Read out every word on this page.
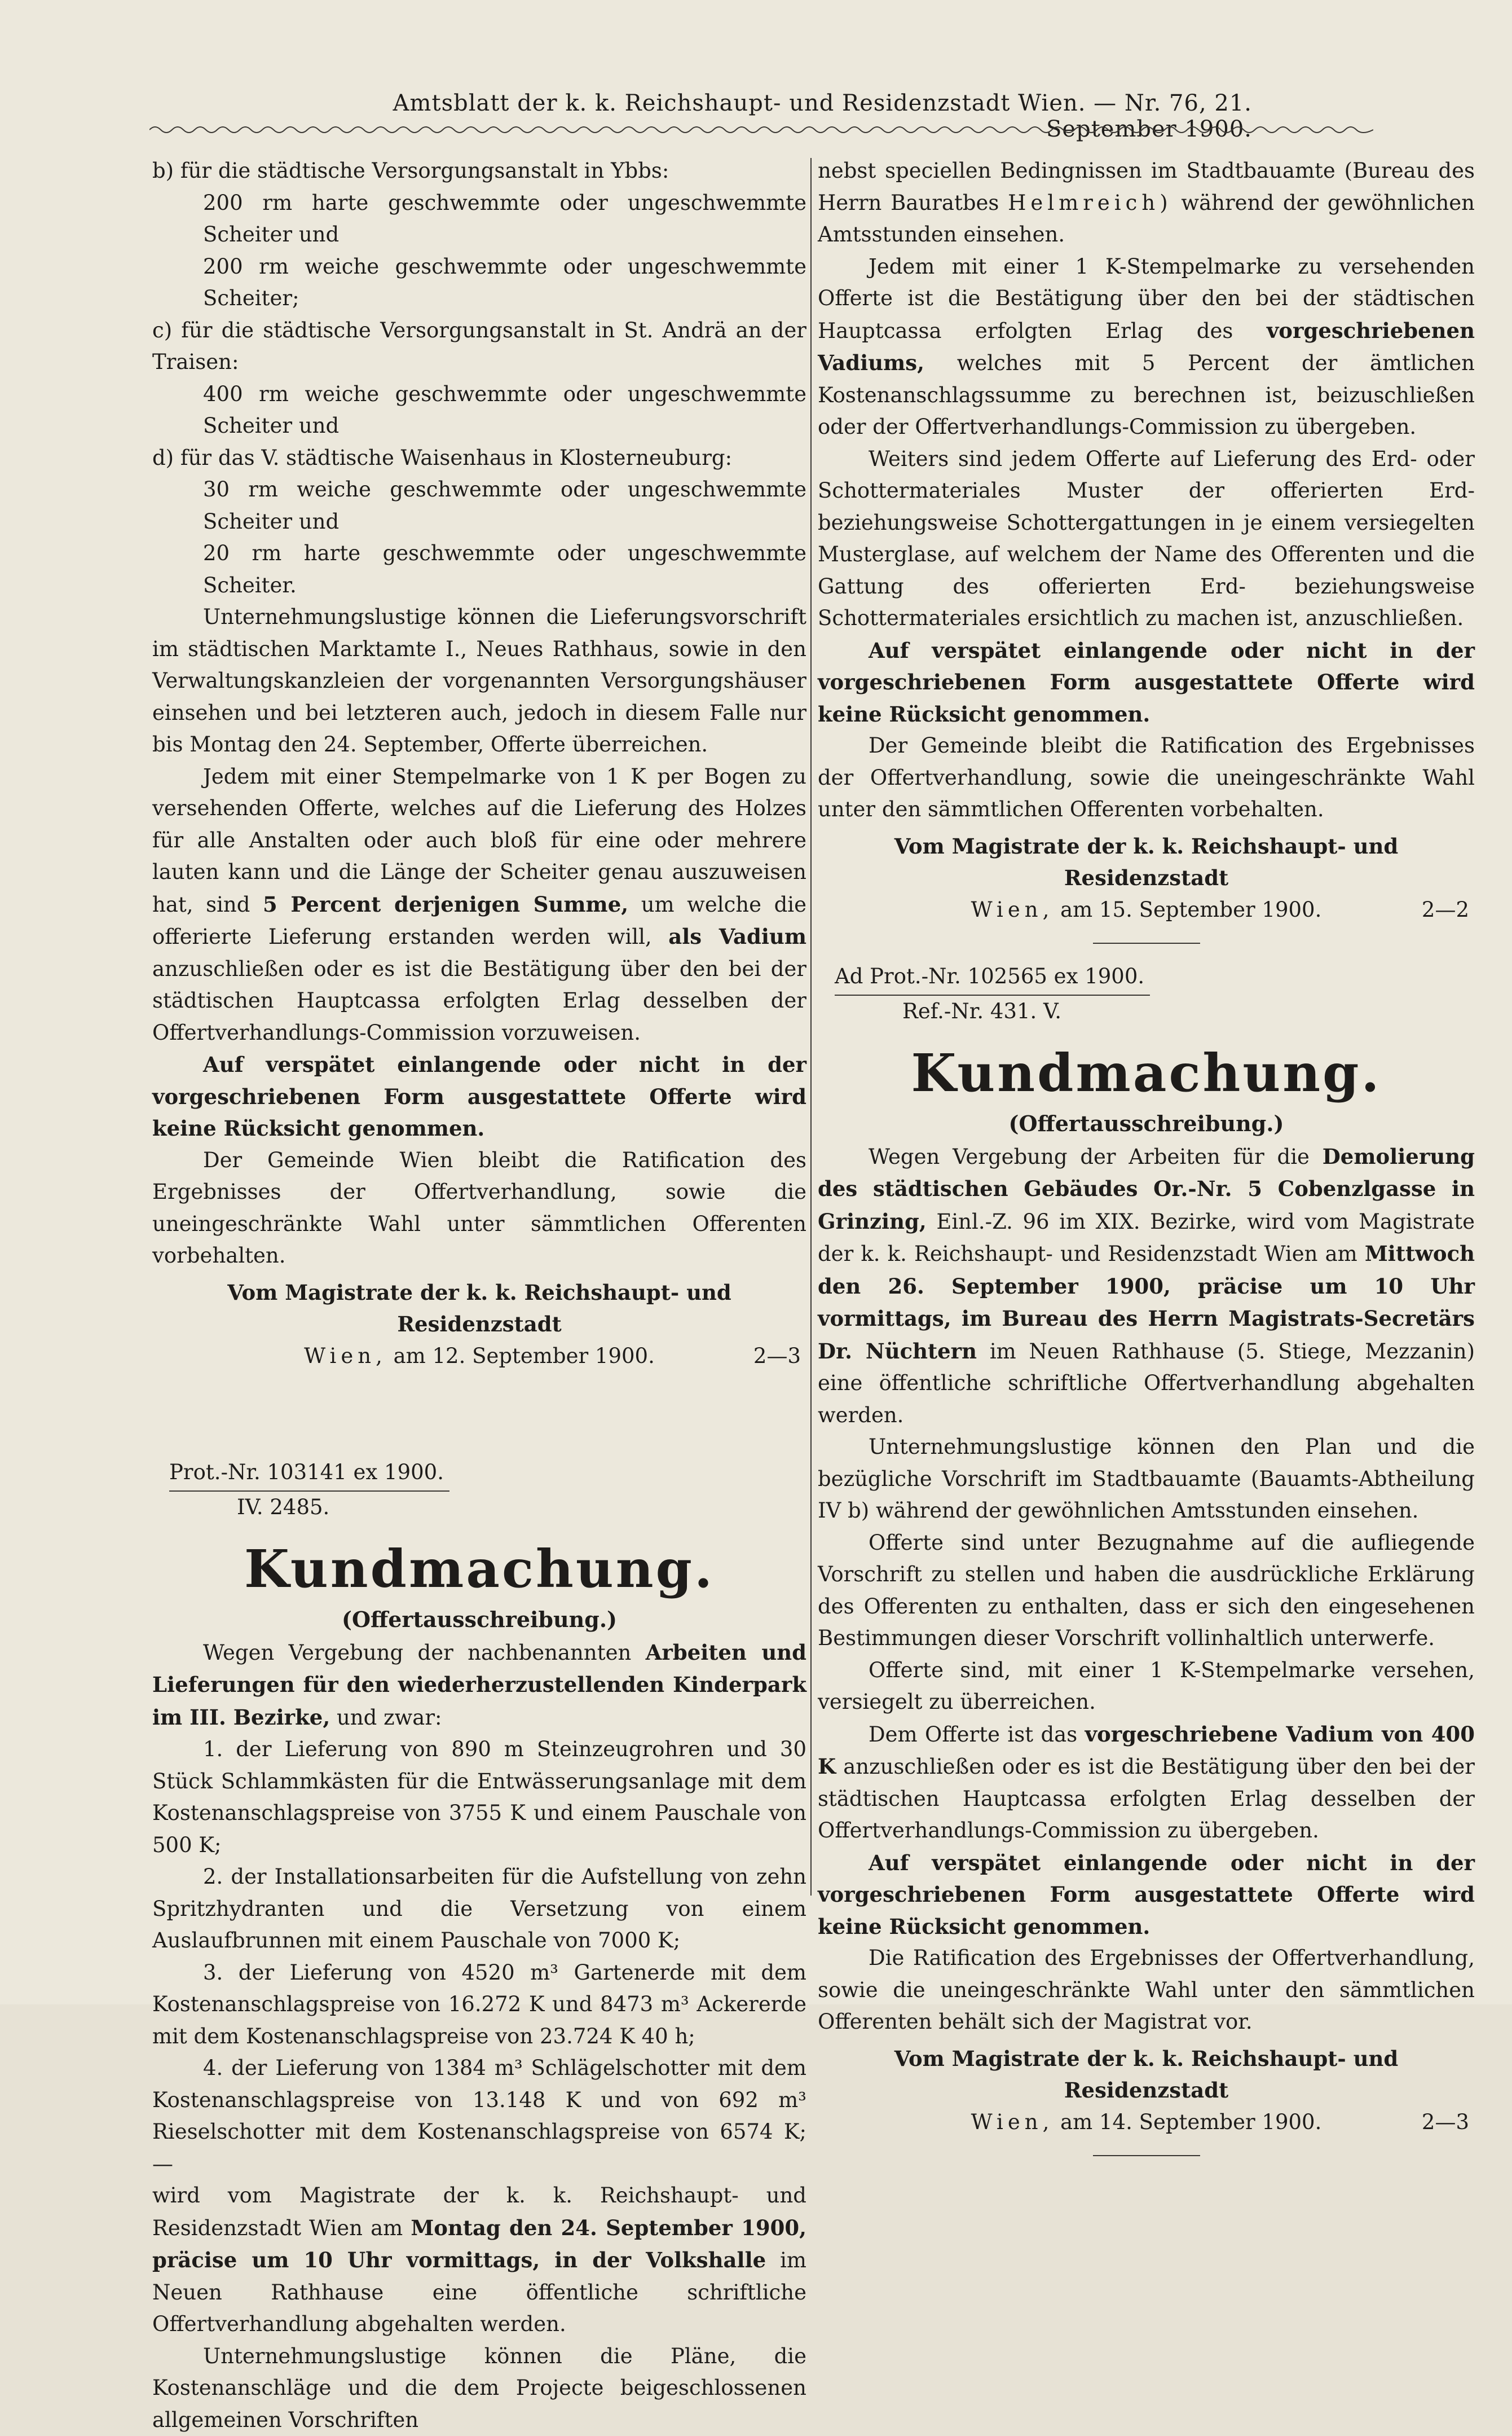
Amtsblatt der k. k. Reichshaupt- und Residenzstadt Wien. — Nr. 76, 21. September 1900.

b) für die städtische Versorgungsanstalt in Ybbs:

200 rm harte geschwemmte oder ungeschwemmte Scheiter und

200 rm weiche geschwemmte oder ungeschwemmte Scheiter;

c) für die städtische Versorgungsanstalt in St. Andrä an der Traisen:

400 rm weiche geschwemmte oder ungeschwemmte Scheiter und

d) für das V. städtische Waisenhaus in Klosterneuburg:

30 rm weiche geschwemmte oder ungeschwemmte Scheiter und

20 rm harte geschwemmte oder ungeschwemmte Scheiter.

Unternehmungslustige können die Lieferungsvorschrift im städtischen Marktamte I., Neues Rathhaus, sowie in den Verwaltungskanzleien der vorgenannten Versorgungshäuser einsehen und bei letzteren auch, jedoch in diesem Falle nur bis Montag den 24. September, Offerte überreichen.

Jedem mit einer Stempelmarke von 1 K per Bogen zu versehenden Offerte, welches auf die Lieferung des Holzes für alle Anstalten oder auch bloß für eine oder mehrere lauten kann und die Länge der Scheiter genau auszuweisen hat, sind 5 Percent derjenigen Summe, um welche die offerierte Lieferung erstanden werden will, als Vadium anzuschließen oder es ist die Bestätigung über den bei der städtischen Hauptcassa erfolgten Erlag desselben der Offertverhandlungs-Commission vorzuweisen.

Auf verspätet einlangende oder nicht in der vorgeschriebenen Form ausgestattete Offerte wird keine Rücksicht genommen.

Der Gemeinde Wien bleibt die Ratification des Ergebnisses der Offertverhandlung, sowie die uneingeschränkte Wahl unter sämmtlichen Offerenten vorbehalten.

Vom Magistrate der k. k. Reichshaupt- und Residenzstadt

Wien, am 12. September 1900.	2—3
Prot.-Nr. 103141 ex 1900.
IV. 2485.
Kundmachung.
(Offertausschreibung.)

Wegen Vergebung der nachbenannten Arbeiten und Lieferungen für den wiederherzustellenden Kinderpark im III. Bezirke, und zwar:

1. der Lieferung von 890 m Steinzeugrohren und 30 Stück Schlammkästen für die Entwässerungsanlage mit dem Kostenanschlagspreise von 3755 K und einem Pauschale von 500 K;

2. der Installationsarbeiten für die Aufstellung von zehn Spritzhydranten und die Versetzung von einem Auslaufbrunnen mit einem Pauschale von 7000 K;

3. der Lieferung von 4520 m³ Gartenerde mit dem Kostenanschlagspreise von 16.272 K und 8473 m³ Ackererde mit dem Kostenanschlagspreise von 23.724 K 40 h;

4. der Lieferung von 1384 m³ Schlägelschotter mit dem Kostenanschlagspreise von 13.148 K und von 692 m³ Rieselschotter mit dem Kostenanschlagspreise von 6574 K; —

wird vom Magistrate der k. k. Reichshaupt- und Residenzstadt Wien am Montag den 24. September 1900, präcise um 10 Uhr vormittags, in der Volkshalle im Neuen Rathhause eine öffentliche schriftliche Offertverhandlung abgehalten werden.

Unternehmungslustige können die Pläne, die Kostenanschläge und die dem Projecte beigeschlossenen allgemeinen Vorschriften

nebst speciellen Bedingnissen im Stadtbauamte (Bureau des Herrn Bauratbes Helmreich) während der gewöhnlichen Amtsstunden einsehen.

Jedem mit einer 1 K-Stempelmarke zu versehenden Offerte ist die Bestätigung über den bei der städtischen Hauptcassa erfolgten Erlag des vorgeschriebenen Vadiums, welches mit 5 Percent der ämtlichen Kostenanschlagssumme zu berechnen ist, beizuschließen oder der Offertverhandlungs-Commission zu übergeben.

Weiters sind jedem Offerte auf Lieferung des Erd- oder Schottermateriales Muster der offerierten Erd- beziehungsweise Schottergattungen in je einem versiegelten Musterglase, auf welchem der Name des Offerenten und die Gattung des offerierten Erd- beziehungsweise Schottermateriales ersichtlich zu machen ist, anzuschließen.

Auf verspätet einlangende oder nicht in der vorgeschriebenen Form ausgestattete Offerte wird keine Rücksicht genommen.

Der Gemeinde bleibt die Ratification des Ergebnisses der Offertverhandlung, sowie die uneingeschränkte Wahl unter den sämmtlichen Offerenten vorbehalten.

Vom Magistrate der k. k. Reichshaupt- und Residenzstadt

Wien, am 15. September 1900.	2—2
Ad Prot.-Nr. 102565 ex 1900.
Ref.-Nr. 431. V.
Kundmachung.
(Offertausschreibung.)

Wegen Vergebung der Arbeiten für die Demolierung des städtischen Gebäudes Or.-Nr. 5 Cobenzlgasse in Grinzing, Einl.-Z. 96 im XIX. Bezirke, wird vom Magistrate der k. k. Reichshaupt- und Residenzstadt Wien am Mittwoch den 26. September 1900, präcise um 10 Uhr vormittags, im Bureau des Herrn Magistrats-Secretärs Dr. Nüchtern im Neuen Rathhause (5. Stiege, Mezzanin) eine öffentliche schriftliche Offertverhandlung abgehalten werden.

Unternehmungslustige können den Plan und die bezügliche Vorschrift im Stadtbauamte (Bauamts-Abtheilung IV b) während der gewöhnlichen Amtsstunden einsehen.

Offerte sind unter Bezugnahme auf die aufliegende Vorschrift zu stellen und haben die ausdrückliche Erklärung des Offerenten zu enthalten, dass er sich den eingesehenen Bestimmungen dieser Vorschrift vollinhaltlich unterwerfe.

Offerte sind, mit einer 1 K-Stempelmarke versehen, versiegelt zu überreichen.

Dem Offerte ist das vorgeschriebene Vadium von 400 K anzuschließen oder es ist die Bestätigung über den bei der städtischen Hauptcassa erfolgten Erlag desselben der Offertverhandlungs-Commission zu übergeben.

Auf verspätet einlangende oder nicht in der vorgeschriebenen Form ausgestattete Offerte wird keine Rücksicht genommen.

Die Ratification des Ergebnisses der Offertverhandlung, sowie die uneingeschränkte Wahl unter den sämmtlichen Offerenten behält sich der Magistrat vor.

Vom Magistrate der k. k. Reichshaupt- und Residenzstadt

Wien, am 14. September 1900.	2—3
